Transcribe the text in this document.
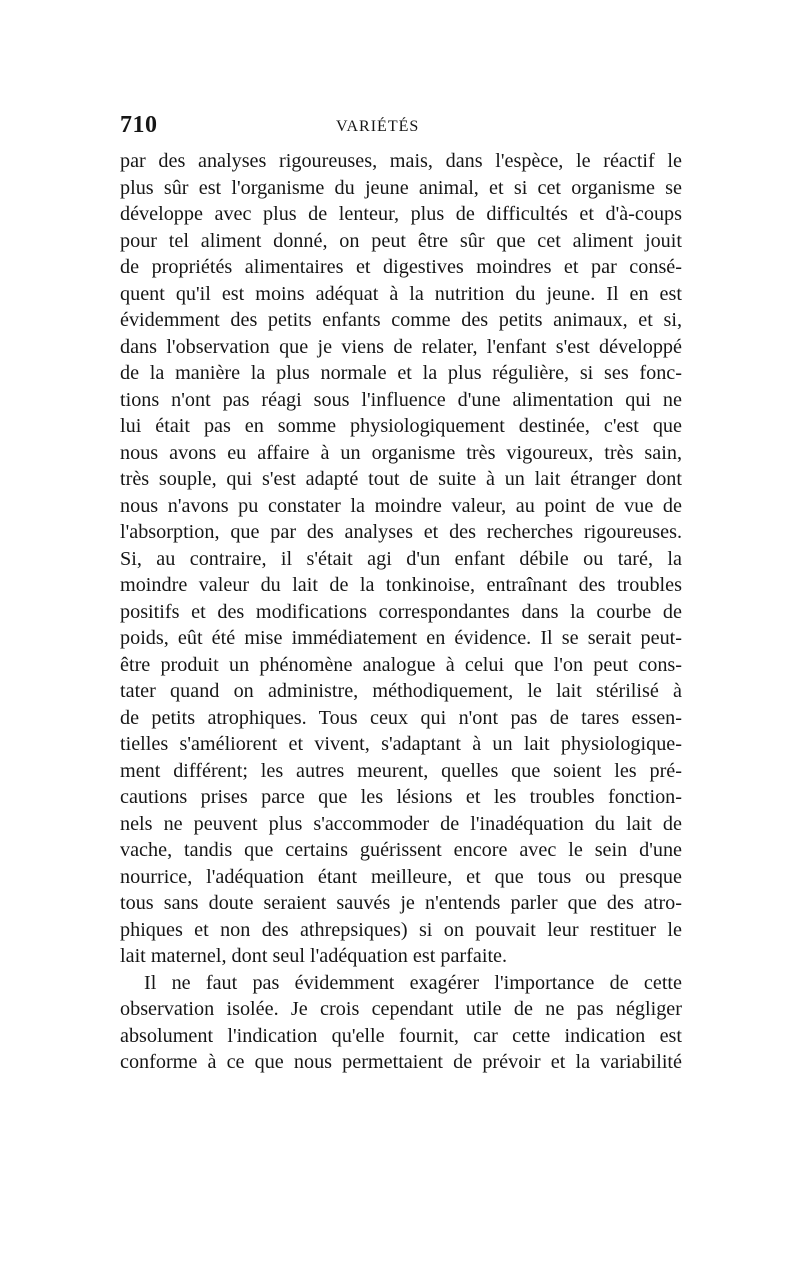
710	VARIÉTÉS
par des analyses rigoureuses, mais, dans l'espèce, le réactif le
plus sûr est l'organisme du jeune animal, et si cet organisme se
développe avec plus de lenteur, plus de difficultés et d'à-coups
pour tel aliment donné, on peut être sûr que cet aliment jouit
de propriétés alimentaires et digestives moindres et par consé-
quent qu'il est moins adéquat à la nutrition du jeune. Il en est
évidemment des petits enfants comme des petits animaux, et si,
dans l'observation que je viens de relater, l'enfant s'est développé
de la manière la plus normale et la plus régulière, si ses fonc-
tions n'ont pas réagi sous l'influence d'une alimentation qui ne
lui était pas en somme physiologiquement destinée, c'est que
nous avons eu affaire à un organisme très vigoureux, très sain,
très souple, qui s'est adapté tout de suite à un lait étranger dont
nous n'avons pu constater la moindre valeur, au point de vue de
l'absorption, que par des analyses et des recherches rigoureuses.
Si, au contraire, il s'était agi d'un enfant débile ou taré, la
moindre valeur du lait de la tonkinoise, entraînant des troubles
positifs et des modifications correspondantes dans la courbe de
poids, eût été mise immédiatement en évidence. Il se serait peut-
être produit un phénomène analogue à celui que l'on peut cons-
tater quand on administre, méthodiquement, le lait stérilisé à
de petits atrophiques. Tous ceux qui n'ont pas de tares essen-
tielles s'améliorent et vivent, s'adaptant à un lait physiologique-
ment différent; les autres meurent, quelles que soient les pré-
cautions prises parce que les lésions et les troubles fonction-
nels ne peuvent plus s'accommoder de l'inadéquation du lait de
vache, tandis que certains guérissent encore avec le sein d'une
nourrice, l'adéquation étant meilleure, et que tous ou presque
tous sans doute seraient sauvés je n'entends parler que des atro-
phiques et non des athrepsiques) si on pouvait leur restituer le
lait maternel, dont seul l'adéquation est parfaite.
Il ne faut pas évidemment exagérer l'importance de cette
observation isolée. Je crois cependant utile de ne pas négliger
absolument l'indication qu'elle fournit, car cette indication est
conforme à ce que nous permettaient de prévoir et la variabilité
